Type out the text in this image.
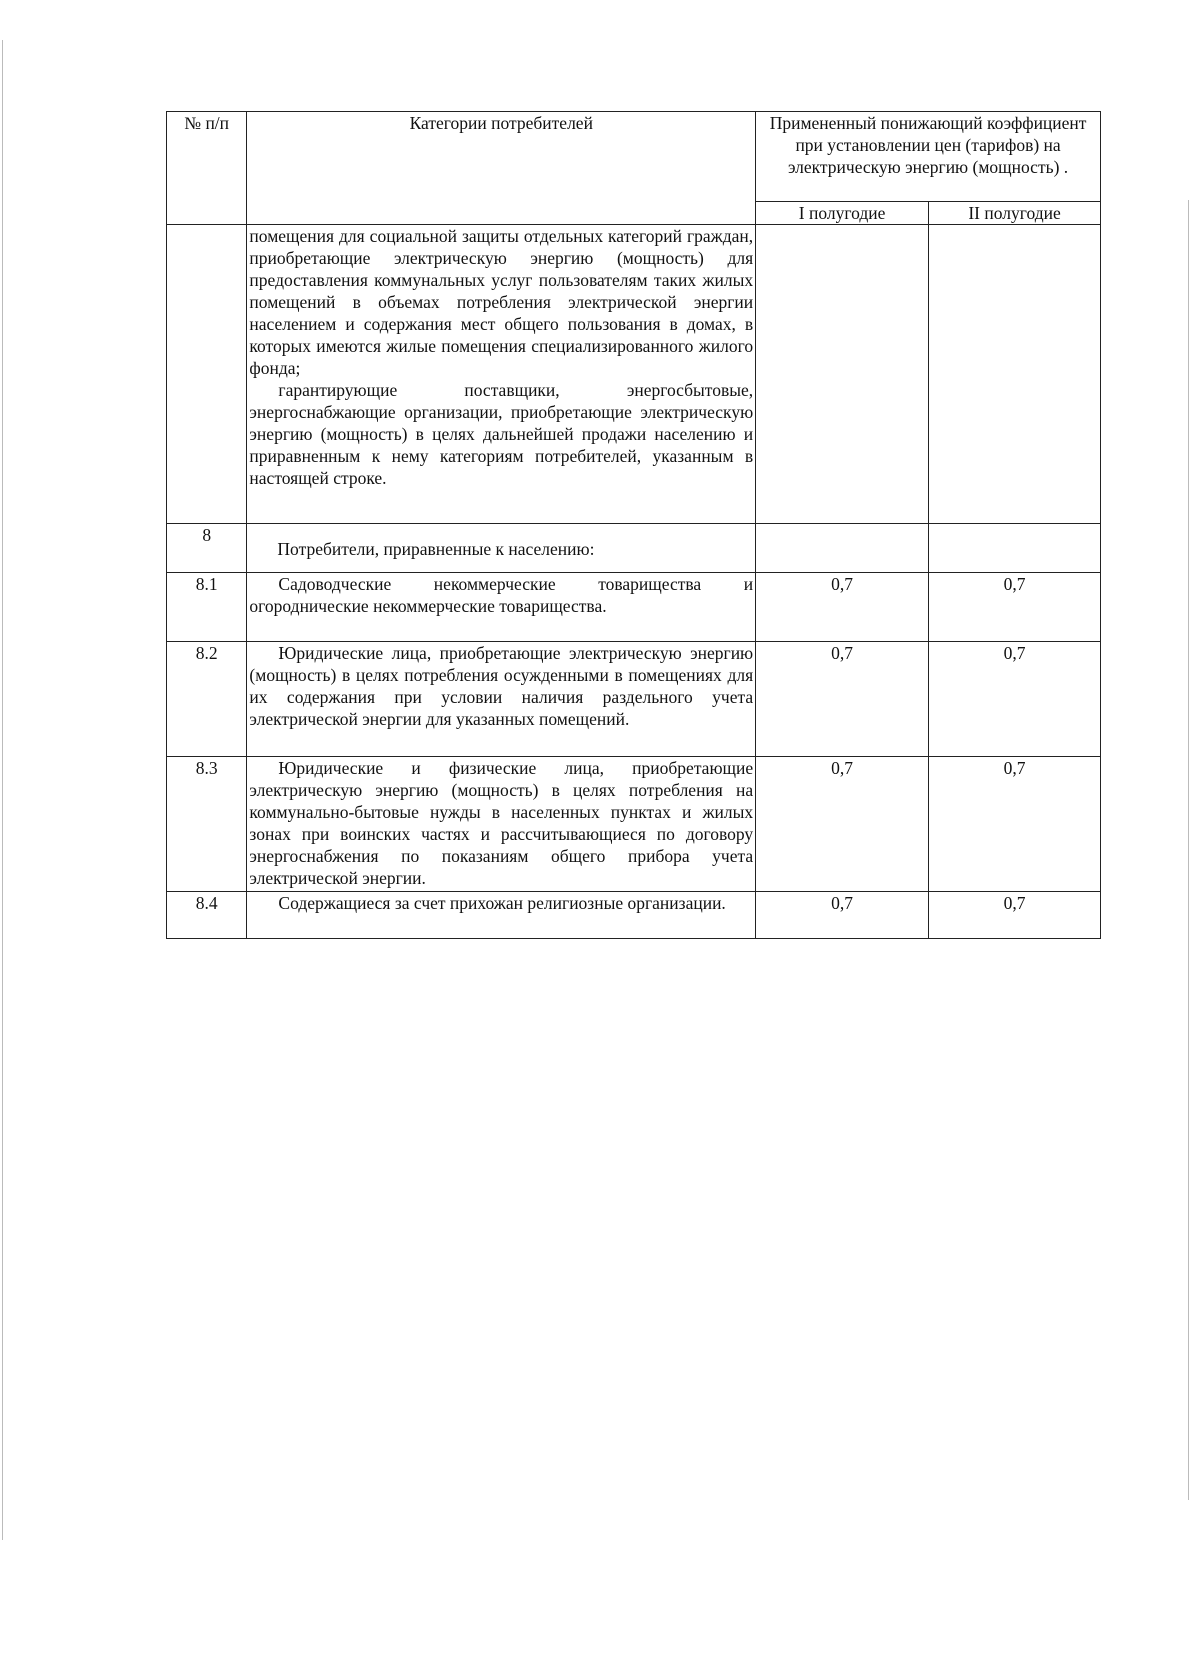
№ п/п	Категории потребителей	Примененный понижающий коэффициент при установлении цен (тарифов) на электрическую энергию (мощность) .	
		I полугодие	II полугодие

	помещения для социальной защиты отдельных категорий граждан, приобретающие электрическую энергию (мощность) для предоставления коммунальных услуг пользователям таких жилых помещений в объемах потребления электрической энергии населением и содержания мест общего пользования в домах, в которых имеются жилые помещения специализированного жилого фонда;
гарантирующие поставщики, энергосбытовые, энергоснабжающие организации, приобретающие электрическую энергию (мощность) в целях дальнейшей продажи населению и приравненным к нему категориям потребителей, указанным в настоящей строке.		

8	Потребители, приравненные к населению:		

8.1	Садоводческие некоммерческие товарищества и огороднические некоммерческие товарищества.	0,7	0,7
8.2	Юридические лица, приобретающие электрическую энергию (мощность) в целях потребления осужденными в помещениях для их содержания при условии наличия раздельного учета электрической энергии для указанных помещений.	0,7	0,7
8.3	Юридические и физические лица, приобретающие электрическую энергию (мощность) в целях потребления на коммунально-бытовые нужды в населенных пунктах и жилых зонах при воинских частях и рассчитывающиеся по договору энергоснабжения по показаниям общего прибора учета электрической энергии.	0,7	0,7
8.4	Содержащиеся за счет прихожан религиозные организации.	0,7	0,7
